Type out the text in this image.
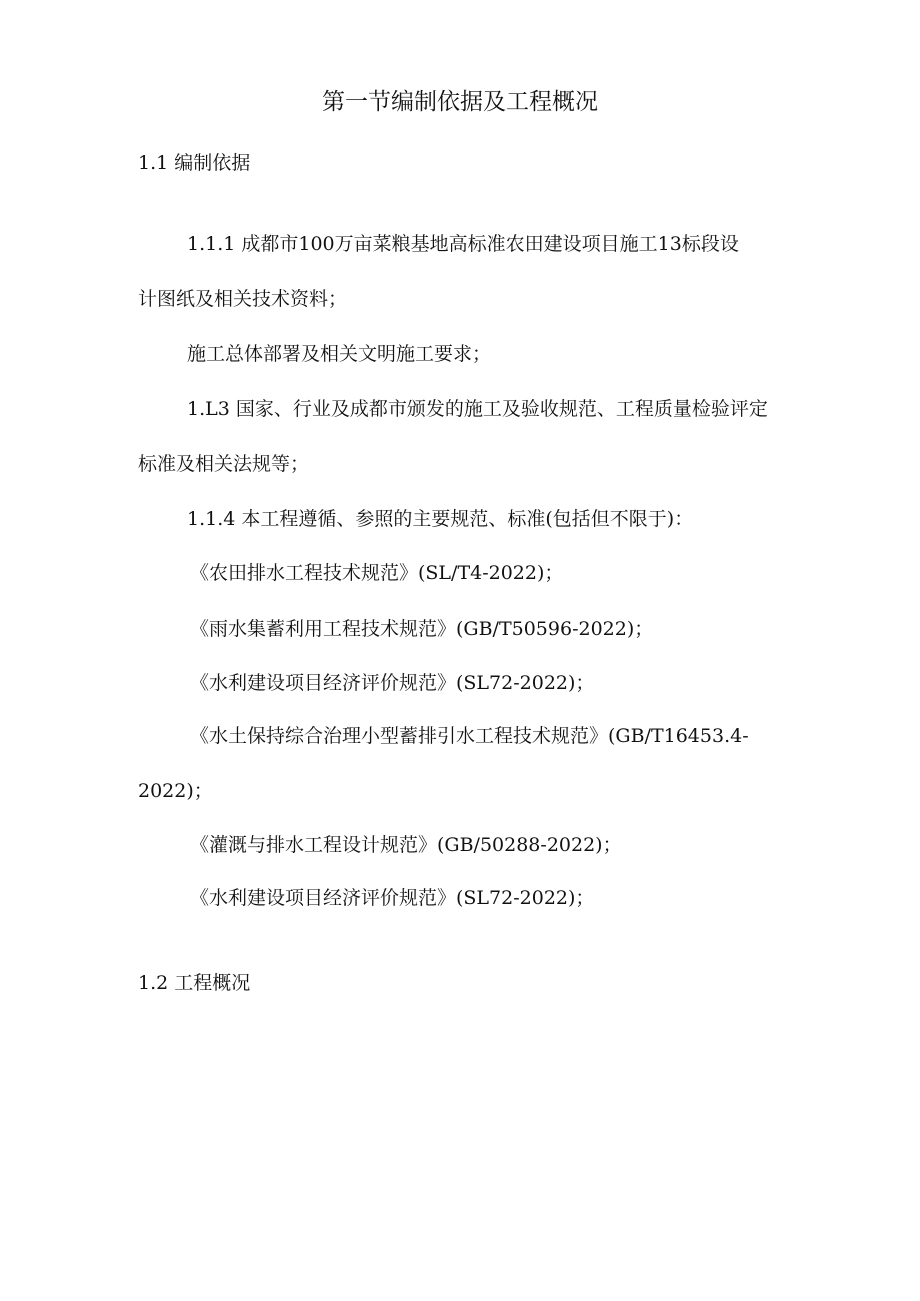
第一节编制依据及工程概况
1.1 编制依据
1.1.1 成都市100万亩菜粮基地高标准农田建设项目施工13标段设
计图纸及相关技术资料；
施工总体部署及相关文明施工要求；
1.L3 国家、行业及成都市颁发的施工及验收规范、工程质量检验评定
标准及相关法规等；
1.1.4 本工程遵循、参照的主要规范、标准(包括但不限于)：
《农田排水工程技术规范》(SL/T4-2022)；
《雨水集蓄利用工程技术规范》(GB/T50596-2022)；
《水利建设项目经济评价规范》(SL72-2022)；
《水土保持综合治理小型蓄排引水工程技术规范》(GB/T16453.4-
2022)；
《灌溉与排水工程设计规范》(GB/50288-2022)；
《水利建设项目经济评价规范》(SL72-2022)；
1.2 工程概况
